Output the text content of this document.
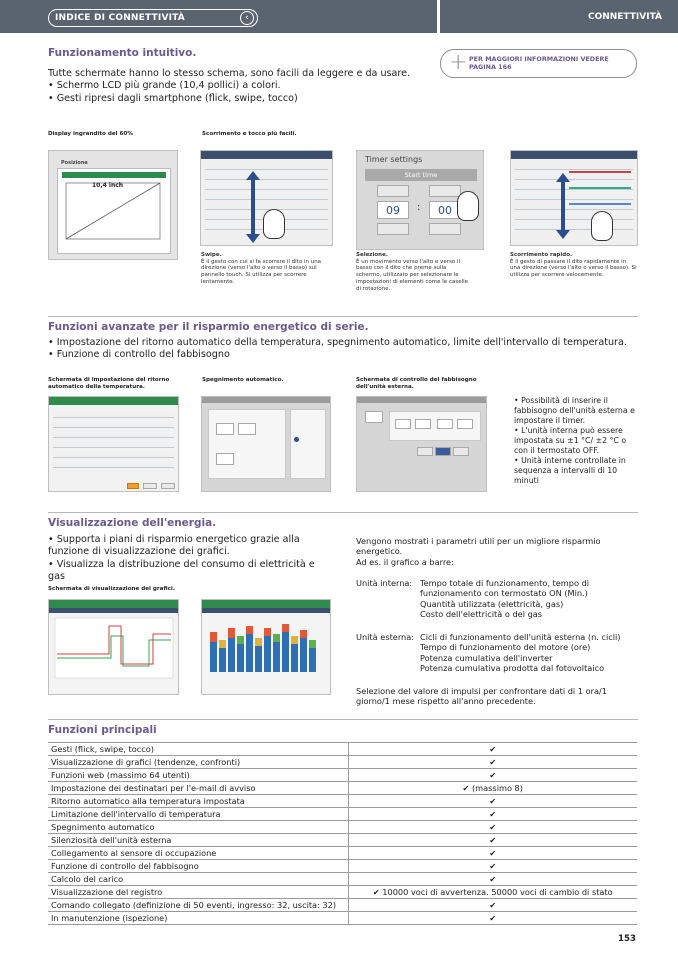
INDICE DI CONNETTIVITÀ	‹	CONNETTIVITÀ
Funzionamento intuitivo.

Tutte schermate hanno lo stesso schema, sono facili da leggere e da usare.

• Schermo LCD più grande (10,4 pollici) a colori.

• Gesti ripresi dagli smartphone (flick, swipe, tocco)

+ PER MAGGIORI INFORMAZIONI VEDERE PAGINA 166
Display ingrandito del 60%	Scorrimento e tocco più facili.
Posizione
10,4 inch
Timer settings
Start time
09	:	00
Swipe.
È il gesto con cui si fa scorrere il dito in una direzione (verso l'alto o verso il basso) sul pannello touch. Si utilizza per scorrere lentamente.
Selezione.
È un movimento verso l'alto e verso il basso con il dito che preme sulla schermo, utilizzato per selezionare le impostazioni di elementi come le caselle di rotazione.
Scorrimento rapido.
È il gesto di passare il dito rapidamente in una direzione (verso l'alto o verso il basso). Si utilizza per scorrere velocemente.
Funzioni avanzate per il risparmio energetico di serie.

• Impostazione del ritorno automatico della temperatura, spegnimento automatico, limite dell'intervallo di temperatura.

• Funzione di controllo del fabbisogno

Schermata di impostazione del ritorno automatico della temperatura.
Spegnimento automatico.	Schermata di controllo del fabbisogno dell'unità esterna.
• Possibilità di inserire il fabbisogno dell'unità esterna e impostare il timer.
• L'unità interna può essere impostata su ±1 °C/ ±2 °C o con il termostato OFF.
• Unità interne controllate in sequenza a intervalli di 10 minuti
Visualizzazione dell'energia.
• Supporta i piani di risparmio energetico grazie alla funzione di visualizzazione dei grafici.
• Visualizza la distribuzione del consumo di elettricità e gas
Schermata di visualizzazione dei grafici.
Vengono mostrati i parametri utili per un migliore risparmio energetico.
Ad es. il grafico a barre:
Unità interna: Tempo totale di funzionamento, tempo di funzionamento con termostato ON (Min.)
Quantità utilizzata (elettricità, gas)
Costo dell'elettricità o del gas
Unità esterna: Cicli di funzionamento dell'unità esterna (n. cicli)
Tempo di funzionamento del motore (ore)
Potenza cumulativa dell'inverter
Potenza cumulativa prodotta dal fotovoltaico
Selezione del valore di impulsi per confrontare dati di 1 ora/1 giorno/1 mese rispetto all'anno precedente.
Funzioni principali
Gesti (flick, swipe, tocco)	✔
Visualizzazione di grafici (tendenze, confronti)	✔
Funzioni web (massimo 64 utenti)	✔
Impostazione dei destinatari per l'e-mail di avviso	✔ (massimo 8)
Ritorno automatico alla temperatura impostata	✔
Limitazione dell'intervallo di temperatura	✔
Spegnimento automatico	✔
Silenziosità dell'unità esterna	✔
Collegamento al sensore di occupazione	✔
Funzione di controllo del fabbisogno	✔
Calcolo del carico	✔
Visualizzazione del registro	✔ 10000 voci di avvertenza. 50000 voci di cambio di stato
Comando collegato (definizione di 50 eventi, ingresso: 32, uscita: 32)	✔
In manutenzione (ispezione)	✔
153
